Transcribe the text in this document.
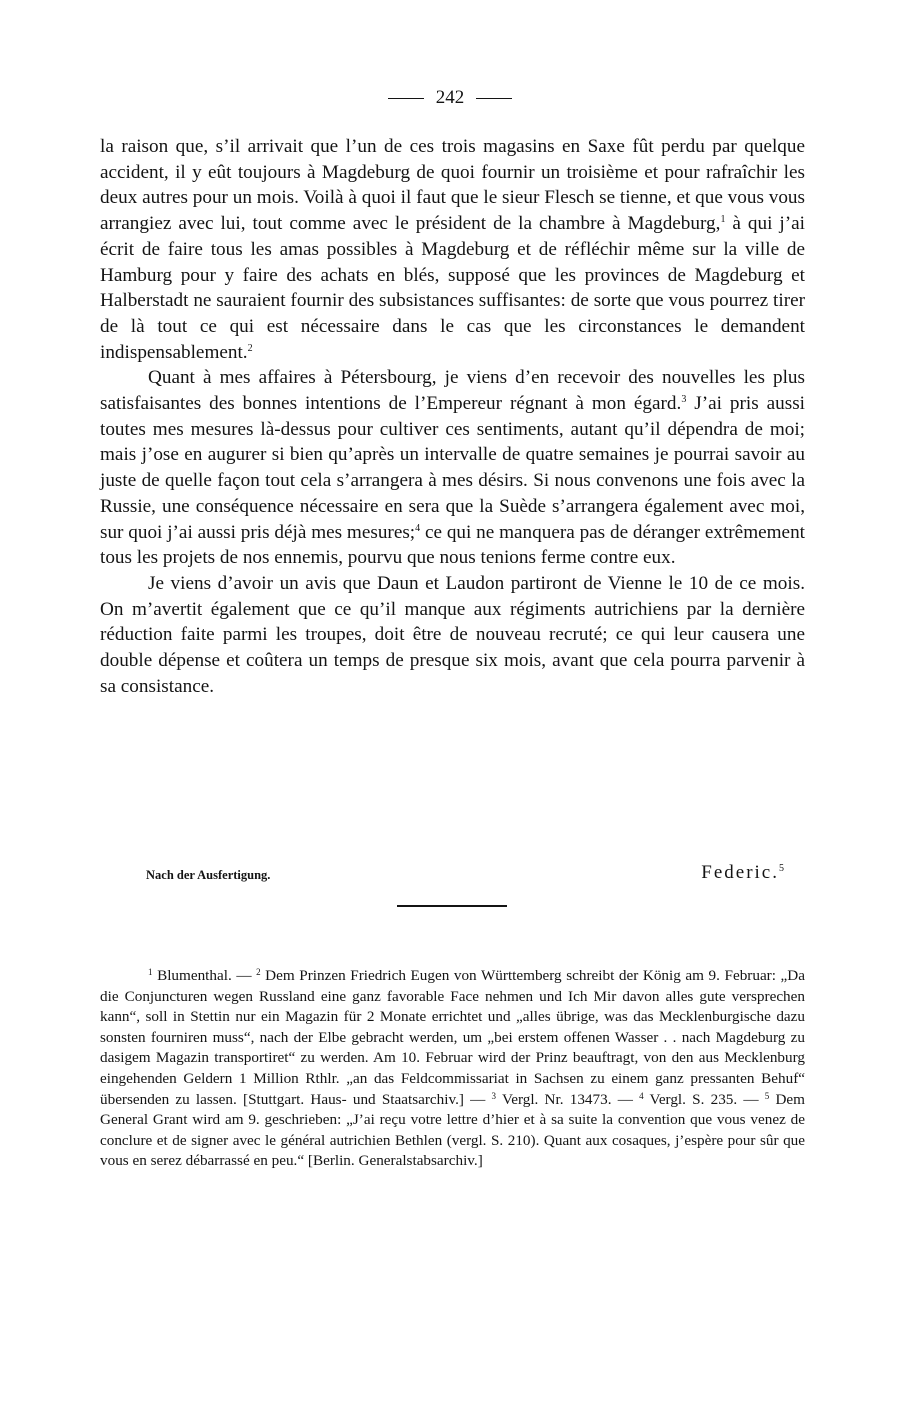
242

la raison que, s’il arrivait que l’un de ces trois magasins en Saxe fût perdu par quelque accident, il y eût toujours à Magdeburg de quoi fournir un troisième et pour rafraîchir les deux autres pour un mois. Voilà à quoi il faut que le sieur Flesch se tienne, et que vous vous arrangiez avec lui, tout comme avec le président de la chambre à Magdeburg,$^1$ à qui j’ai écrit de faire tous les amas possibles à Magdeburg et de réfléchir même sur la ville de Hamburg pour y faire des achats en blés, supposé que les provinces de Magdeburg et Halberstadt ne sauraient fournir des subsistances suffisantes: de sorte que vous pourrez tirer de là tout ce qui est nécessaire dans le cas que les circonstances le demandent indispensablement.$^2$

Quant à mes affaires à Pétersbourg, je viens d’en recevoir des nouvelles les plus satisfaisantes des bonnes intentions de l’Empereur régnant à mon égard.$^3$ J’ai pris aussi toutes mes mesures là-dessus pour cultiver ces sentiments, autant qu’il dépendra de moi; mais j’ose en augurer si bien qu’après un intervalle de quatre semaines je pourrai savoir au juste de quelle façon tout cela s’arrangera à mes désirs. Si nous convenons une fois avec la Russie, une conséquence nécessaire en sera que la Suède s’arrangera également avec moi, sur quoi j’ai aussi pris déjà mes mesures;$^4$ ce qui ne manquera pas de déranger extrêmement tous les projets de nos ennemis, pourvu que nous tenions ferme contre eux.

Je viens d’avoir un avis que Daun et Laudon partiront de Vienne le 10 de ce mois. On m’avertit également que ce qu’il manque aux régiments autrichiens par la dernière réduction faite parmi les troupes, doit être de nouveau recruté; ce qui leur causera une double dépense et coûtera un temps de presque six mois, avant que cela pourra parvenir à sa consistance.

Nach der Ausfertigung.	Federic.$^5$
$^1$ Blumenthal. — $^2$ Dem Prinzen Friedrich Eugen von Württemberg schreibt der König am 9. Februar: „Da die Conjuncturen wegen Russland eine ganz favorable Face nehmen und Ich Mir davon alles gute versprechen kann“, soll in Stettin nur ein Magazin für 2 Monate errichtet und „alles übrige, was das Mecklenburgische dazu sonsten fourniren muss“, nach der Elbe gebracht werden, um „bei erstem offenen Wasser . . nach Magdeburg zu dasigem Magazin transportiret“ zu werden. Am 10. Februar wird der Prinz beauftragt, von den aus Mecklenburg eingehenden Geldern 1 Million Rthlr. „an das Feldcommissariat in Sachsen zu einem ganz pressanten Behuf“ übersenden zu lassen. [Stuttgart. Haus- und Staatsarchiv.] — $^3$ Vergl. Nr. 13473. — $^4$ Vergl. S. 235. — $^5$ Dem General Grant wird am 9. geschrieben: „J’ai reçu votre lettre d’hier et à sa suite la convention que vous venez de conclure et de signer avec le général autrichien Bethlen (vergl. S. 210). Quant aux cosaques, j’espère pour sûr que vous en serez débarrassé en peu.“ [Berlin. Generalstabsarchiv.]
